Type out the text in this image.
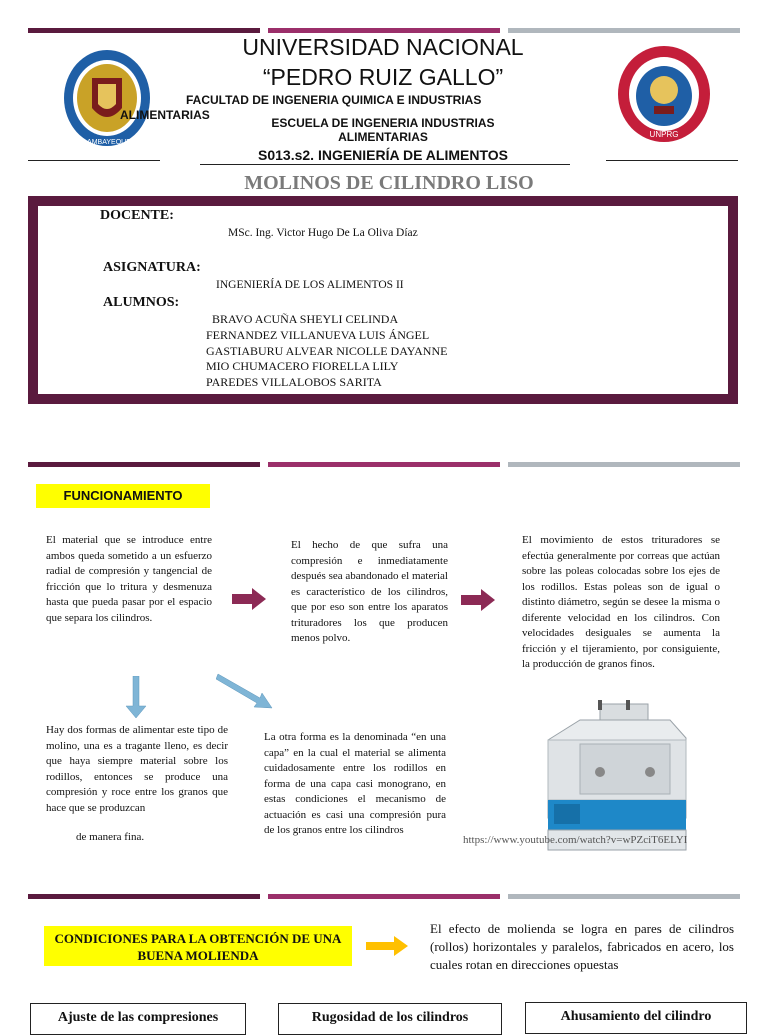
LAMBAYEQUE
UNPRG
UNIVERSIDAD NACIONAL
“PEDRO RUIZ GALLO”
FACULTAD DE INGENERIA QUIMICA E INDUSTRIAS
ALIMENTARIAS
ESCUELA DE INGENERIA INDUSTRIAS
ALIMENTARIAS
S013.s2. INGENIERÍA DE ALIMENTOS
MOLINOS DE CILINDRO LISO
DOCENTE:
MSc. Ing. Victor Hugo De La Oliva Díaz
ASIGNATURA:
INGENIERÍA DE LOS ALIMENTOS II
ALUMNOS:
BRAVO ACUÑA SHEYLI CELINDA
FERNANDEZ VILLANUEVA LUIS ÁNGEL
GASTIABURU ALVEAR NICOLLE DAYANNE
MIO CHUMACERO FIORELLA LILY
PAREDES VILLALOBOS SARITA
FUNCIONAMIENTO
El material que se introduce entre ambos queda sometido a un esfuerzo radial de compresión y tangencial de fricción que lo tritura y desmenuza hasta que pueda pasar por el espacio que separa los cilindros.
El hecho de que sufra una compresión e inmediatamente después sea abandonado el material es característico de los cilindros, que por eso son entre los aparatos trituradores los que producen menos polvo.
El movimiento de estos trituradores se efectúa generalmente por correas que actúan sobre las poleas colocadas sobre los ejes de los rodillos. Estas poleas son de igual o distinto diámetro, según se desee la misma o diferente velocidad en los cilindros. Con velocidades desiguales se aumenta la fricción y el tijeramiento, por consiguiente, la producción de granos finos.
Hay dos formas de alimentar este tipo de molino, una es a tragante lleno, es decir que haya siempre material sobre los rodillos, entonces se produce una compresión y roce entre los granos que hace que se produzcan
de manera fina.
La otra forma es la denominada “en una capa” en la cual el material se alimenta cuidadosamente entre los rodillos en forma de una capa casi monograno, en estas condiciones el mecanismo de actuación es casi una compresión pura de los granos entre los cilindros
https://www.youtube.com/watch?v=wPZciT6ELYI
CONDICIONES PARA LA OBTENCIÓN DE UNA BUENA MOLIENDA
El efecto de molienda se logra en pares de cilindros (rollos) horizontales y paralelos, fabricados en acero, los cuales rotan en direcciones opuestas
Ajuste de las compresiones	Rugosidad de los cilindros	Ahusamiento del cilindro
